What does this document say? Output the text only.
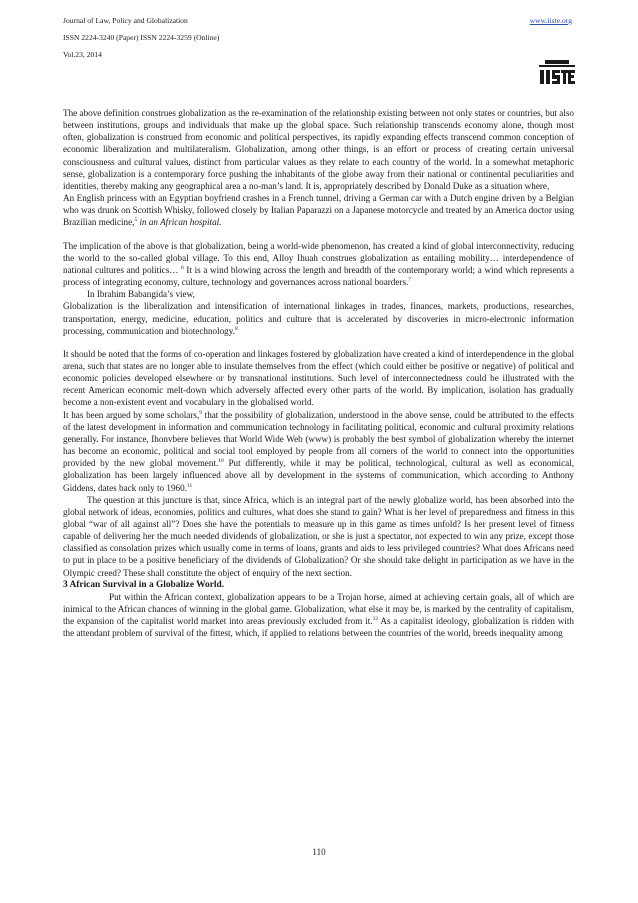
Journal of Law, Policy and Globalization
ISSN 2224-3240 (Paper) ISSN 2224-3259 (Online)
Vol.23, 2014
www.iiste.org

The above definition construes globalization as the re-examination of the relationship existing between not only states or countries, but also between institutions, groups and individuals that make up the global space. Such relationship transcends economy alone, though most often, globalization is construed from economic and political perspectives, its rapidly expanding effects transcend common conception of economic liberalization and multilateralism. Globalization, among other things, is an effort or process of creating certain universal consciousness and cultural values, distinct from particular values as they relate to each country of the world. In a somewhat metaphoric sense, globalization is a contemporary force pushing the inhabitants of the globe away from their national or continental peculiarities and identities, thereby making any geographical area a no-man’s land. It is, appropriately described by Donald Duke as a situation where,

An English princess with an Egyptian boyfriend crashes in a French tunnel, driving a German car with a Dutch engine driven by a Belgian who was drunk on Scottish Whisky, followed closely by Italian Paparazzi on a Japanese motorcycle and treated by an America doctor using Brazilian medicine,$^5$ in an African hospital.

The implication of the above is that globalization, being a world-wide phenomenon, has created a kind of global interconnectivity, reducing the world to the so-called global village. To this end, Alloy Ihuah construes globalization as entailing mobility… interdependence of national cultures and politics… $^6$ It is a wind blowing across the length and breadth of the contemporary world; a wind which represents a process of integrating economy, culture, technology and governances across national boarders.$^7$

In Ibrahim Babangida’s view,

Globalization is the liberalization and intensification of international linkages in trades, finances, markets, productions, researches, transportation, energy, medicine, education, politics and culture that is accelerated by discoveries in micro-electronic information processing, communication and biotechnology.$^8$

It should be noted that the forms of co-operation and linkages fostered by globalization have created a kind of interdependence in the global arena, such that states are no longer able to insulate themselves from the effect (which could either be positive or negative) of political and economic policies developed elsewhere or by transnational institutions. Such level of interconnectedness could be illustrated with the recent American economic melt-down which adversely affected every other parts of the world. By implication, isolation has gradually become a non-existent event and vocabulary in the globalised world.

It has been argued by some scholars,$^9$ that the possibility of globalization, understood in the above sense, could be attributed to the effects of the latest development in information and communication technology in facilitating political, economic and cultural proximity relations generally. For instance, Ihonvbere believes that World Wide Web (www) is probably the best symbol of globalization whereby the internet has become an economic, political and social tool employed by people from all corners of the world to connect into the opportunities provided by the new global movement.$^{10}$ Put differently, while it may be political, technological, cultural as well as economical, globalization has been largely influenced above all by development in the systems of communication, which according to Anthony Giddens, dates back only to 1960.11

The question at this juncture is that, since Africa, which is an integral part of the newly globalize world, has been absorbed into the global network of ideas, economies, politics and cultures, what does she stand to gain? What is her level of preparedness and fitness in this global “war of all against all”? Does she have the potentials to measure up in this game as times unfold? Is her present level of fitness capable of delivering her the much needed dividends of globalization, or she is just a spectator, not expected to win any prize, except those classified as consolation prizes which usually come in terms of loans, grants and aids to less privileged countries? What does Africans need to put in place to be a positive beneficiary of the dividends of Globalization? Or she should take delight in participation as we have in the Olympic creed? These shall constitute the object of enquiry of the next section.

3 African Survival in a Globalize World.

Put within the African context, globalization appears to be a Trojan horse, aimed at achieving certain goals, all of which are inimical to the African chances of winning in the global game. Globalization, what else it may be, is marked by the centrality of capitalism, the expansion of the capitalist world market into areas previously excluded from it.$^{12}$ As a capitalist ideology, globalization is ridden with the attendant problem of survival of the fittest, which, if applied to relations between the countries of the world, breeds inequality among

110
